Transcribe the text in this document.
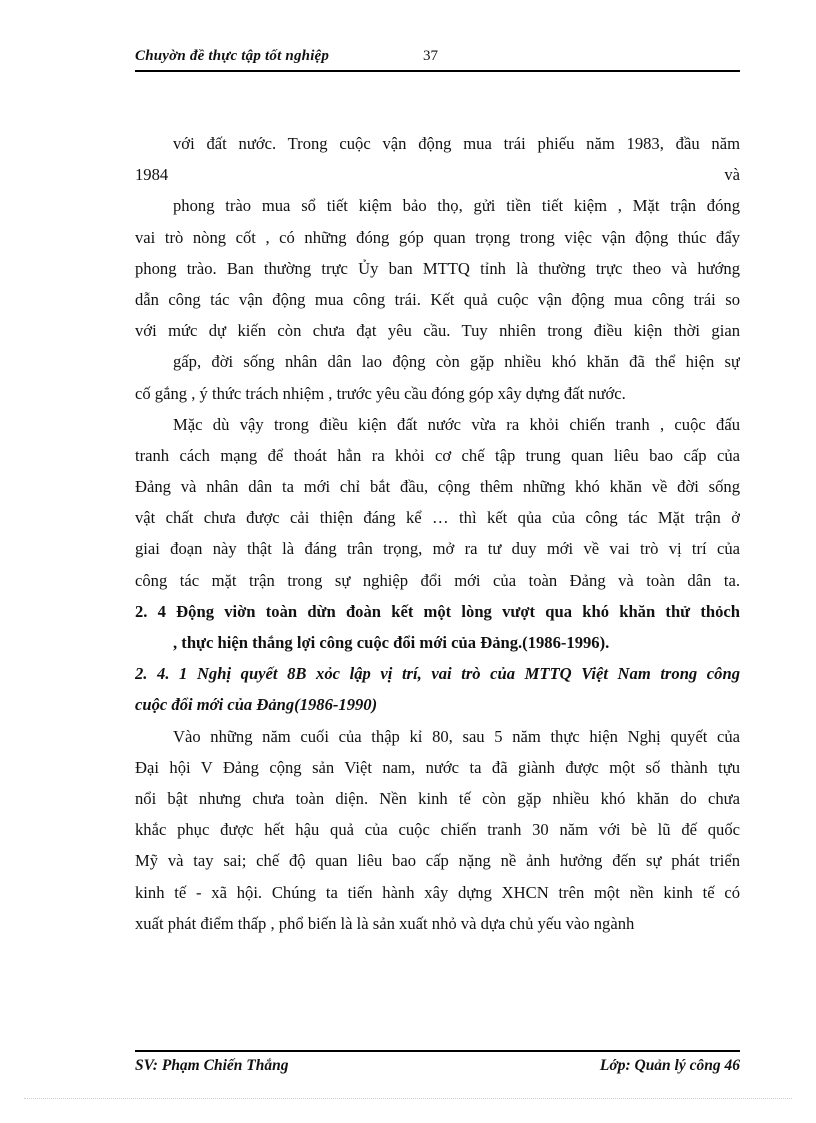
Chuyờn đề thực tập tốt nghiệp	37
với đất nước. Trong cuộc vận động mua trái phiếu năm 1983, đầu năm
1984	và
phong trào mua sổ tiết kiệm bảo thọ, gửi tiền tiết kiệm , Mặt trận đóng
vai trò nòng cốt , có những đóng góp quan trọng trong việc vận động thúc đẩy
phong trào. Ban thường trực Ủy ban MTTQ tỉnh là thường trực theo và hướng
dẫn công tác vận động mua công trái. Kết quả cuộc vận động mua công trái so
với mức dự kiến còn chưa đạt yêu cầu. Tuy nhiên trong điều kiện thời gian
gấp, đời sống nhân dân lao động còn gặp nhiều khó khăn đã thể hiện sự
cố gắng , ý thức trách nhiệm , trước yêu cầu đóng góp xây dựng đất nước.
Mặc dù vậy trong điều kiện đất nước vừa ra khỏi chiến tranh , cuộc đấu
tranh cách mạng để thoát hẳn ra khỏi cơ chế tập trung quan liêu bao cấp của
Đảng và nhân dân ta mới chỉ bắt đầu, cộng thêm những khó khăn về đời sống
vật chất chưa được cải thiện đáng kể … thì kết qủa của công tác Mặt trận ở
giai đoạn này thật là đáng trân trọng, mở ra tư duy mới về vai trò vị trí của
công tác mặt trận trong sự nghiệp đổi mới của toàn Đảng và toàn dân ta.
2. 4 Động viờn toàn dừn đoàn kết một lòng vượt qua khó khăn thử thỏch
, thực hiện thắng lợi công cuộc đổi mới của Đảng.(1986-1996).
2. 4. 1 Nghị quyết 8B xỏc lập vị trí, vai trò của MTTQ Việt Nam trong công
cuộc đổi mới của Đảng(1986-1990)
Vào những năm cuối của thập kỉ 80, sau 5 năm thực hiện Nghị quyết của
Đại hội V Đảng cộng sản Việt nam, nước ta đã giành được một số thành tựu
nổi bật nhưng chưa toàn diện. Nền kinh tế còn gặp nhiều khó khăn do chưa
khắc phục được hết hậu quả của cuộc chiến tranh 30 năm với bè lũ đế quốc
Mỹ và tay sai; chế độ quan liêu bao cấp nặng nề ảnh hưởng đến sự phát triển
kinh tế - xã hội. Chúng ta tiến hành xây dựng XHCN trên một nền kinh tế có
xuất phát điểm thấp , phổ biến là là sản xuất nhỏ và dựa chủ yếu vào ngành
SV: Phạm Chiến Thắng	Lớp: Quản lý công 46
